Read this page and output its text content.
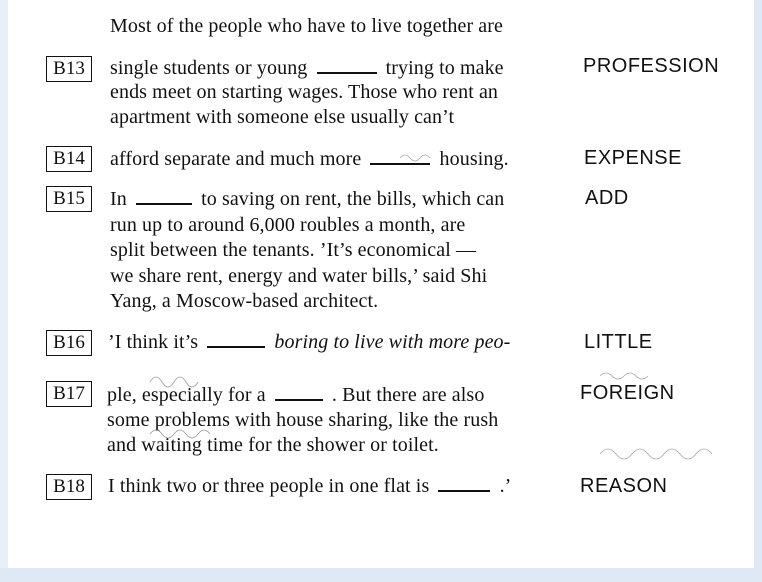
Most of the people who have to live together are
B13	single students or young	trying to make	PROFESSION
ends meet on starting wages. Those who rent an
apartment with someone else usually can’t
B14	afford separate and much more	housing.	EXPENSE
B15	In	to saving on rent, the bills, which can	ADD
run up to around 6,000 roubles a month, are
split between the tenants. ’It’s economical —
we share rent, energy and water bills,’ said Shi
Yang, a Moscow-based architect.
B16	’I think it’s	boring to live with more peo-	LITTLE
B17	ple, especially for a	. But there are also	FOREIGN
some problems with house sharing, like the rush
and waiting time for the shower or toilet.
B18	I think two or three people in one flat is	.’	REASON
